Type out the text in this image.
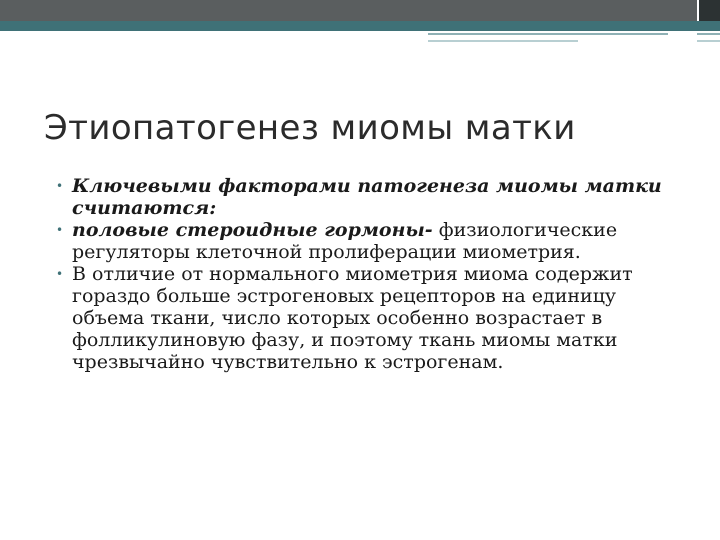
Этиопатогенез миомы матки
• Ключевыми факторами патогенеза миомы матки считаются:
• половые стероидные гормоны- физиологические регуляторы клеточной пролиферации миометрия.
• В отличие от нормального миометрия миома содержит гораздо больше эстрогеновых рецепторов на единицу объема ткани, число которых особенно возрастает в фолликулиновую фазу, и поэтому ткань миомы матки чрезвычайно чувствительно к эстрогенам.
